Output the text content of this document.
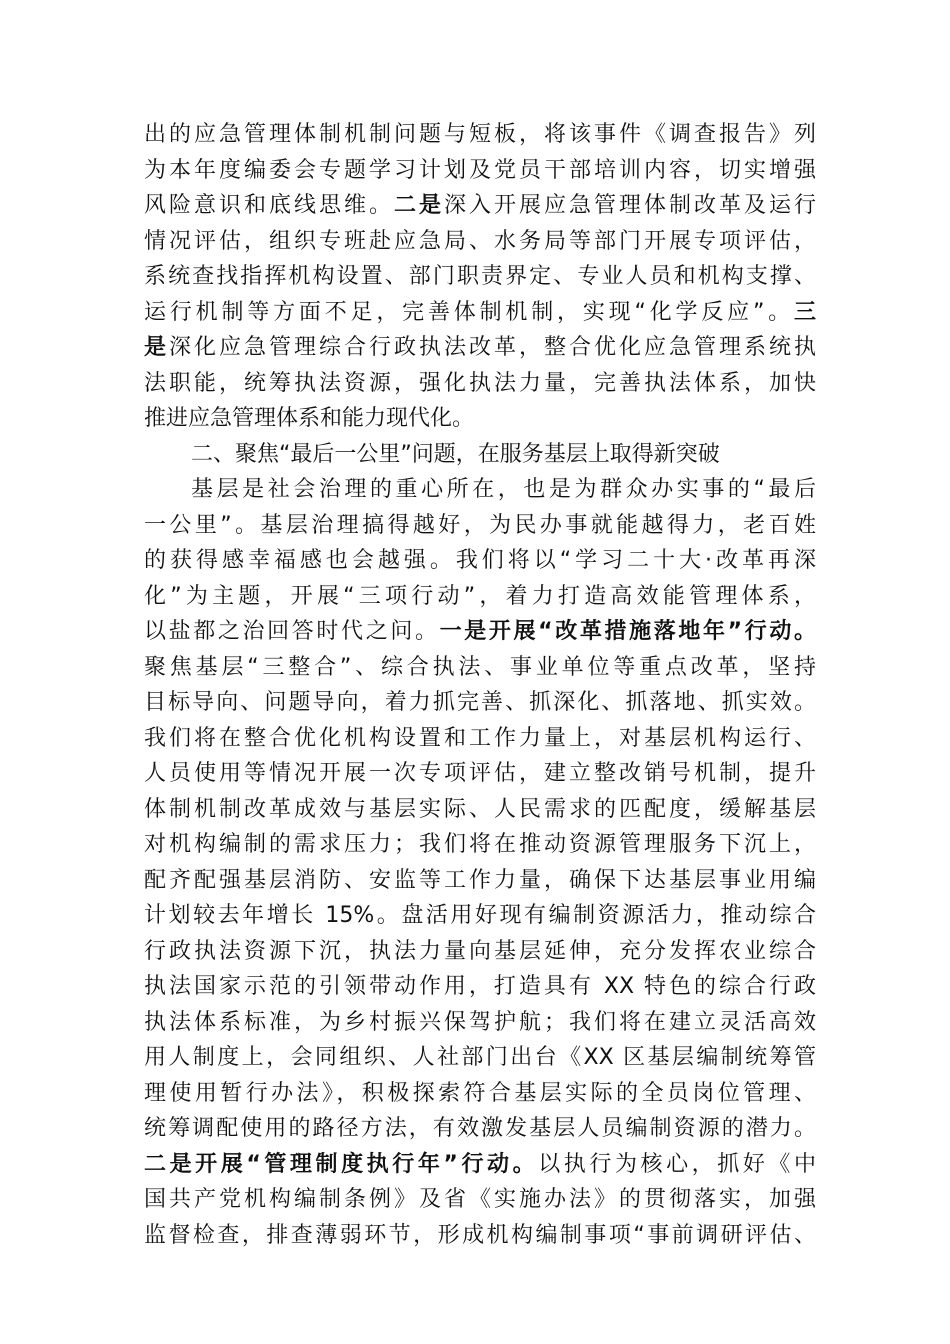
出的应急管理体制机制问题与短板，将该事件《调查报告》列
为本年度编委会专题学习计划及党员干部培训内容，切实增强
风险意识和底线思维。二是深入开展应急管理体制改革及运行
情况评估，组织专班赴应急局、水务局等部门开展专项评估，
系统查找指挥机构设置、部门职责界定、专业人员和机构支撑、
运行机制等方面不足，完善体制机制，实现“化学反应”。三
是深化应急管理综合行政执法改革，整合优化应急管理系统执
法职能，统筹执法资源，强化执法力量，完善执法体系，加快
推进应急管理体系和能力现代化。
二、聚焦“最后一公里”问题，在服务基层上取得新突破
基层是社会治理的重心所在，也是为群众办实事的“最后
一公里”。基层治理搞得越好，为民办事就能越得力，老百姓
的获得感幸福感也会越强。我们将以“学习二十大·改革再深
化”为主题，开展“三项行动”，着力打造高效能管理体系，
以盐都之治回答时代之问。一是开展“改革措施落地年”行动。
聚焦基层“三整合”、综合执法、事业单位等重点改革，坚持
目标导向、问题导向，着力抓完善、抓深化、抓落地、抓实效。
我们将在整合优化机构设置和工作力量上，对基层机构运行、
人员使用等情况开展一次专项评估，建立整改销号机制，提升
体制机制改革成效与基层实际、人民需求的匹配度，缓解基层
对机构编制的需求压力；我们将在推动资源管理服务下沉上，
配齐配强基层消防、安监等工作力量，确保下达基层事业用编
计划较去年增长 15%。盘活用好现有编制资源活力，推动综合
行政执法资源下沉，执法力量向基层延伸，充分发挥农业综合
执法国家示范的引领带动作用，打造具有 XX 特色的综合行政
执法体系标准，为乡村振兴保驾护航；我们将在建立灵活高效
用人制度上，会同组织、人社部门出台《XX 区基层编制统筹管
理使用暂行办法》，积极探索符合基层实际的全员岗位管理、
统筹调配使用的路径方法，有效激发基层人员编制资源的潜力。
二是开展“管理制度执行年”行动。以执行为核心，抓好《中
国共产党机构编制条例》及省《实施办法》的贯彻落实，加强
监督检查，排查薄弱环节，形成机构编制事项“事前调研评估、
